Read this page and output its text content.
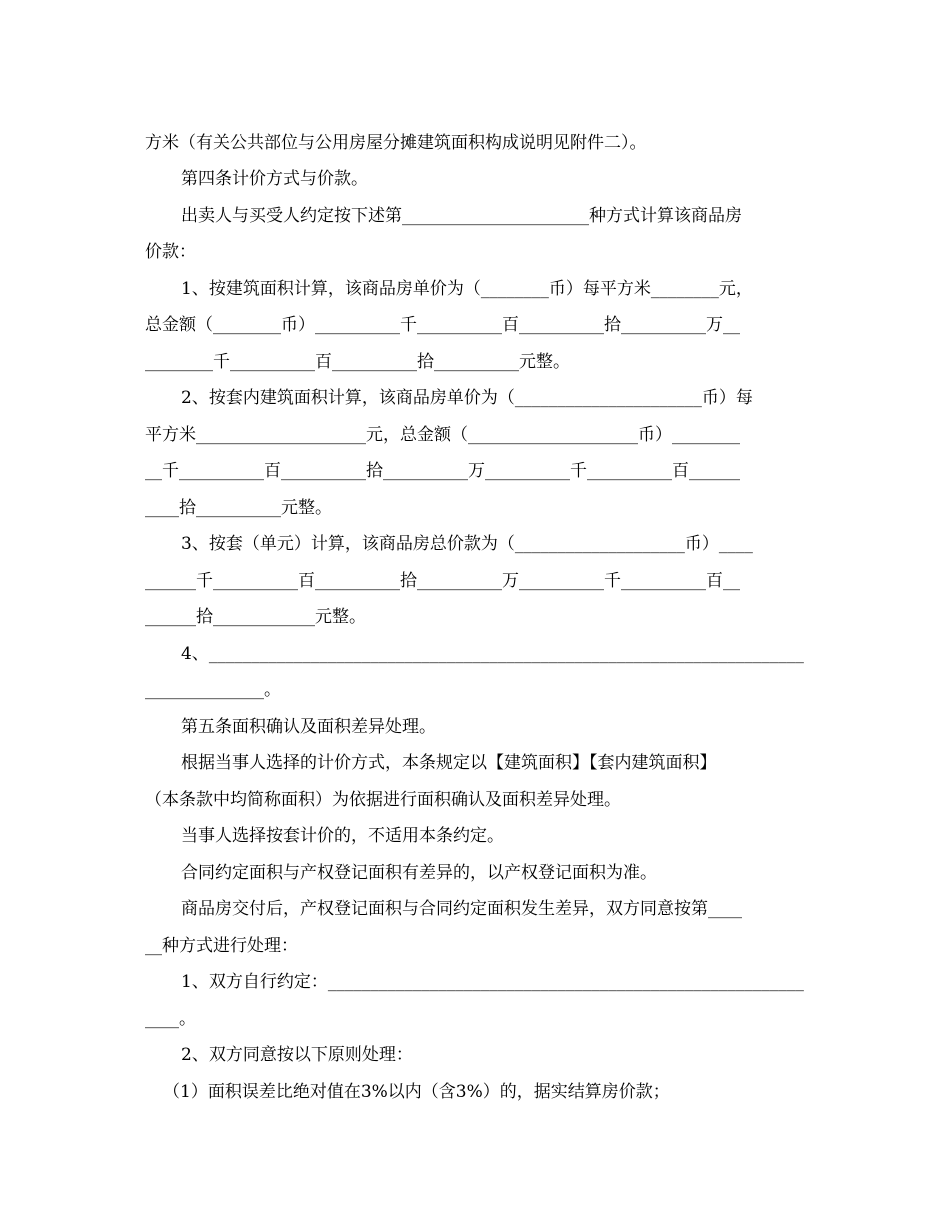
方米（有关公共部位与公用房屋分摊建筑面积构成说明见附件二）。
第四条计价方式与价款。
出卖人与买受人约定按下述第______________________种方式计算该商品房
价款：
1、按建筑面积计算，该商品房单价为（________币）每平方米________元，
总金额（________币）__________千__________百__________拾__________万__
________千__________百__________拾__________元整。
2、按套内建筑面积计算，该商品房单价为（______________________币）每
平方米____________________元，总金额（____________________币）________
__千__________百__________拾__________万__________千__________百______
____拾__________元整。
3、按套（单元）计算，该商品房总价款为（____________________币）____
______千__________百__________拾__________万__________千__________百__
______拾____________元整。
4、______________________________________________________________________
______________。
第五条面积确认及面积差异处理。
根据当事人选择的计价方式，本条规定以【建筑面积】【套内建筑面积】
（本条款中均简称面积）为依据进行面积确认及面积差异处理。
当事人选择按套计价的，不适用本条约定。
合同约定面积与产权登记面积有差异的，以产权登记面积为准。
商品房交付后，产权登记面积与合同约定面积发生差异，双方同意按第____
__种方式进行处理：
1、双方自行约定：________________________________________________________
____。
2、双方同意按以下原则处理：
（1）面积误差比绝对值在3%以内（含3%）的，据实结算房价款；
